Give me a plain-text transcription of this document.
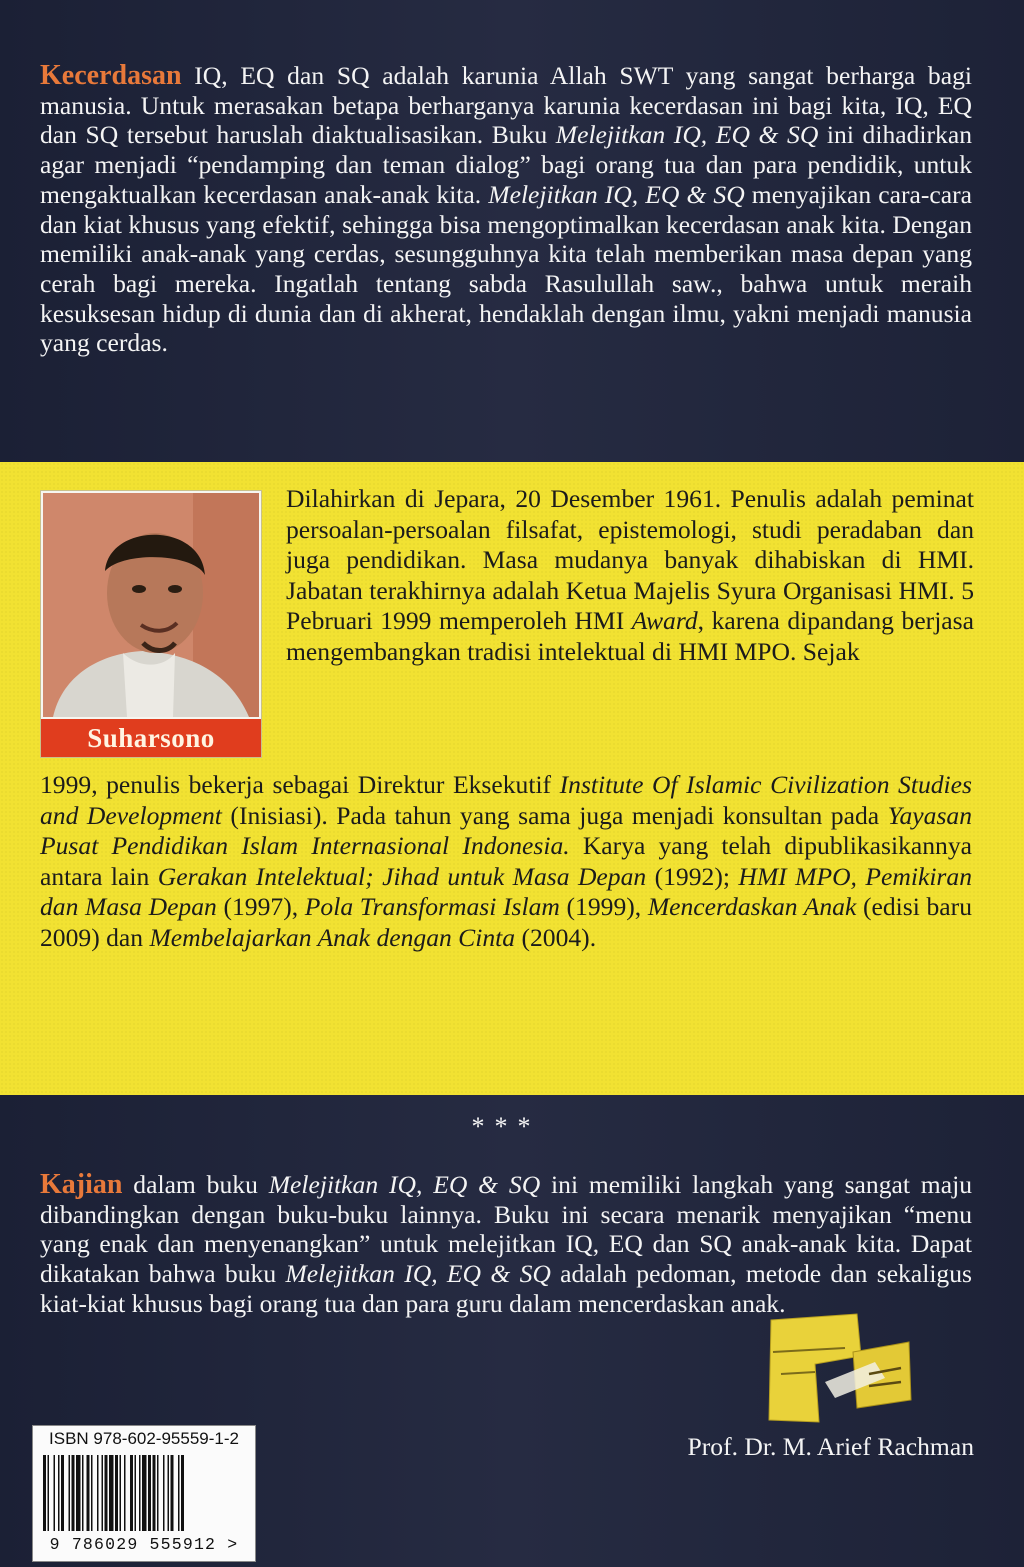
Kecerdasan IQ, EQ dan SQ adalah karunia Allah SWT yang sangat berharga bagi manusia. Untuk merasakan betapa berharganya karunia kecerdasan ini bagi kita, IQ, EQ dan SQ tersebut haruslah diaktualisasikan. Buku Melejitkan IQ, EQ & SQ ini dihadirkan agar menjadi “pendamping dan teman dialog” bagi orang tua dan para pendidik, untuk mengaktualkan kecerdasan anak-anak kita. Melejitkan IQ, EQ & SQ menyajikan cara-cara dan kiat khusus yang efektif, sehingga bisa mengoptimalkan kecerdasan anak kita. Dengan memiliki anak-anak yang cerdas, sesungguhnya kita telah memberikan masa depan yang cerah bagi mereka. Ingatlah tentang sabda Rasulullah saw., bahwa untuk meraih kesuksesan hidup di dunia dan di akherat, hendaklah dengan ilmu, yakni menjadi manusia yang cerdas.

Suharsono

Dilahirkan di Jepara, 20 Desember 1961. Penulis adalah peminat persoalan-persoalan filsafat, epistemologi, studi peradaban dan juga pendidikan. Masa mudanya banyak dihabiskan di HMI. Jabatan terakhirnya adalah Ketua Majelis Syura Organisasi HMI. 5 Pebruari 1999 memperoleh HMI Award, karena dipandang berjasa mengembangkan tradisi intelektual di HMI MPO. Sejak

1999, penulis bekerja sebagai Direktur Eksekutif Institute Of Islamic Civilization Studies and Development (Inisiasi). Pada tahun yang sama juga menjadi konsultan pada Yayasan Pusat Pendidikan Islam Internasional Indonesia. Karya yang telah dipublikasikannya antara lain Gerakan Intelektual; Jihad untuk Masa Depan (1992); HMI MPO, Pemikiran dan Masa Depan (1997), Pola Transformasi Islam (1999), Mencerdaskan Anak (edisi baru 2009) dan Membelajarkan Anak dengan Cinta (2004).

***

Kajian dalam buku Melejitkan IQ, EQ & SQ ini memiliki langkah yang sangat maju dibandingkan dengan buku-buku lainnya. Buku ini secara menarik menyajikan “menu yang enak dan menyenangkan” untuk melejitkan IQ, EQ dan SQ anak-anak kita. Dapat dikatakan bahwa buku Melejitkan IQ, EQ & SQ adalah pedoman, metode dan sekaligus kiat-kiat khusus bagi orang tua dan para guru dalam mencerdaskan anak.

Prof. Dr. M. Arief Rachman

ISBN 978-602-95559-1-2

9 786029 555912 >
